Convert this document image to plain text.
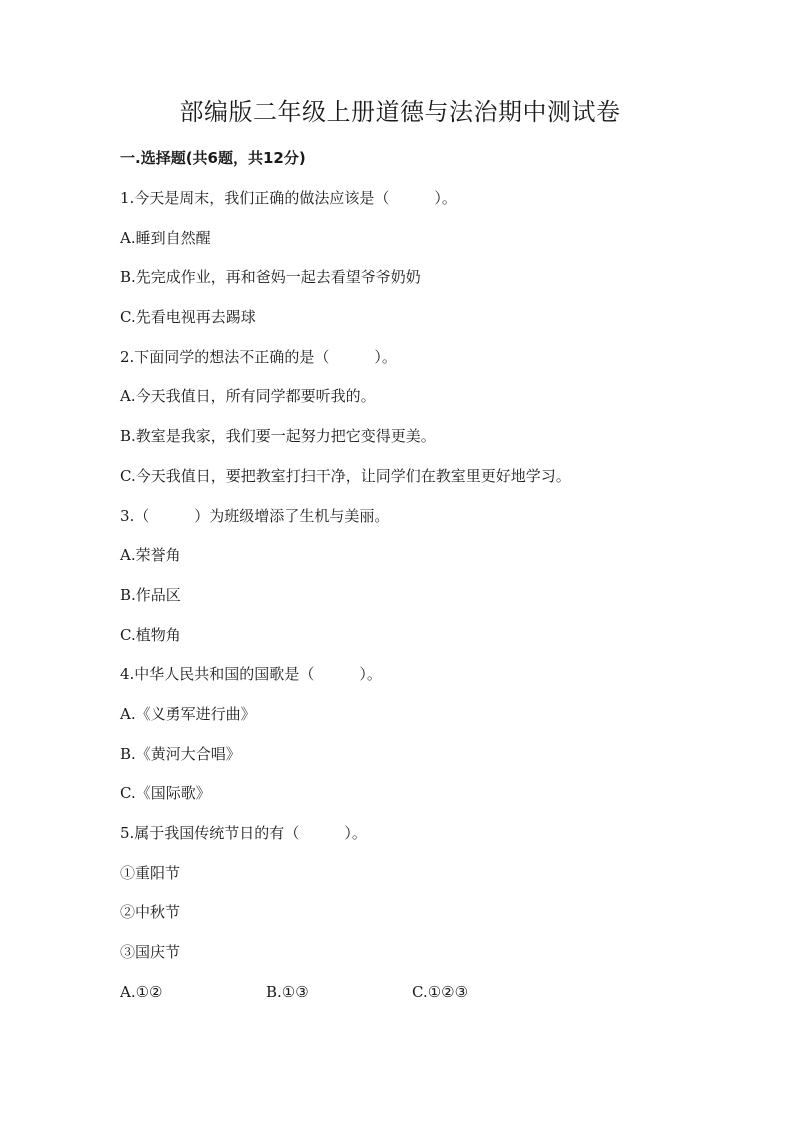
部编版二年级上册道德与法治期中测试卷
一.选择题(共6题，共12分)
1.今天是周末，我们正确的做法应该是（　　　）。
A.睡到自然醒
B.先完成作业，再和爸妈一起去看望爷爷奶奶
C.先看电视再去踢球
2.下面同学的想法不正确的是（　　　）。
A.今天我值日，所有同学都要听我的。
B.教室是我家，我们要一起努力把它变得更美。
C.今天我值日，要把教室打扫干净，让同学们在教室里更好地学习。
3.（　　　）为班级增添了生机与美丽。
A.荣誉角
B.作品区
C.植物角
4.中华人民共和国的国歌是（　　　）。
A.《义勇军进行曲》
B.《黄河大合唱》
C.《国际歌》
5.属于我国传统节日的有（　　　）。
①重阳节
②中秋节
③国庆节
A.①②	B.①③	C.①②③
